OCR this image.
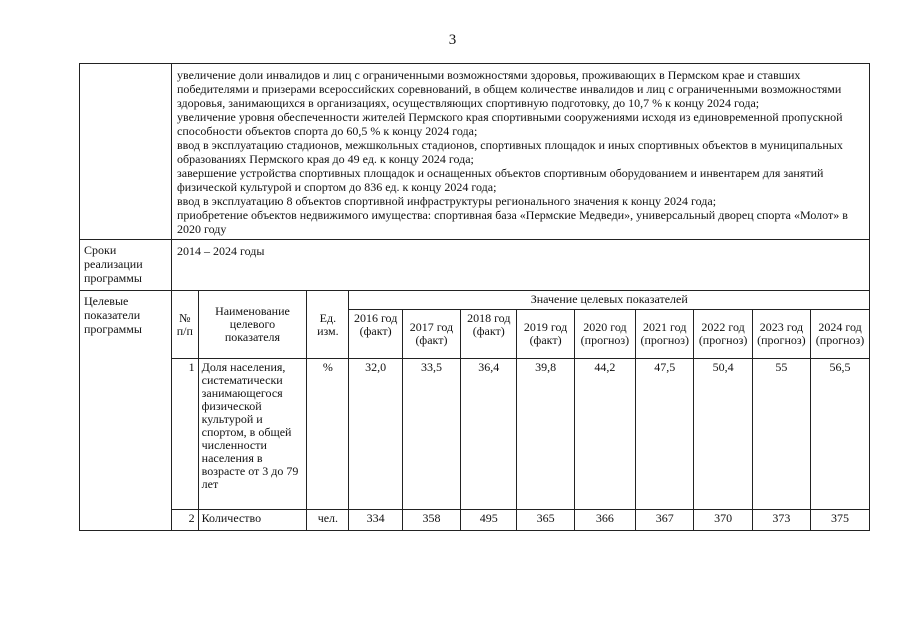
3

увеличение доли инвалидов и лиц с ограниченными возможностями здоровья, проживающих в Пермском крае и ставших победителями и призерами всероссийских соревнований, в общем количестве инвалидов и лиц с ограниченными возможностями здоровья, занимающихся в организациях, осуществляющих спортивную подготовку, до 10,7 % к концу 2024 года;
увеличение уровня обеспеченности жителей Пермского края спортивными сооружениями исходя из единовременной пропускной способности объектов спорта до 60,5 % к концу 2024 года;
ввод в эксплуатацию стадионов, межшкольных стадионов, спортивных площадок и иных спортивных объектов в муниципальных образованиях Пермского края до 49 ед. к концу 2024 года;
завершение устройства спортивных площадок и оснащенных объектов спортивным оборудованием и инвентарем для занятий физической культурой и спортом до 836 ед. к концу 2024 года;
ввод в эксплуатацию 8 объектов спортивной инфраструктуры регионального значения к концу 2024 года;
приобретение объектов недвижимого имущества: спортивная база «Пермские Медведи», универсальный дворец спорта «Молот» в 2020 году

Сроки реализации программы	2014 – 2024 годы
Целевые показатели программы	
№ п/п	Наименование целевого показателя	Ед. изм.	Значение целевых показателей
2016 год (факт)	2017 год (факт)	2018 год (факт)	2019 год (факт)	2020 год (прогноз)	2021 год (прогноз)	2022 год (прогноз)	2023 год (прогноз)	2024 год (прогноз)
1	Доля населения, систематически занимающегося физической культурой и спортом, в общей численности населения в возрасте от 3 до 79 лет	%	32,0	33,5	36,4	39,8	44,2	47,5	50,4	55	56,5
2	Количество	чел.	334	358	495	365	366	367	370	373	375
